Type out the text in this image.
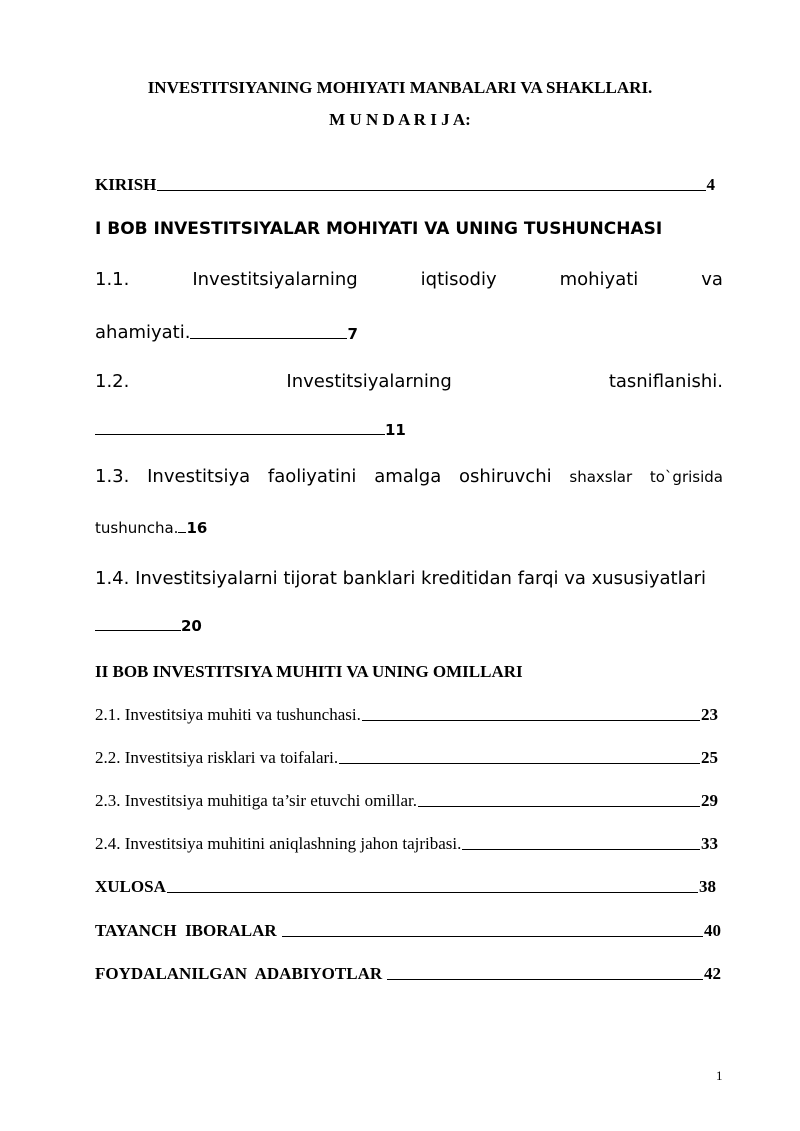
INVESTITSIYANING MOHIYATI MANBALARI VA SHAKLLARI.
M U N D A R I J A:
KIRISH	4
I BOB INVESTITSIYALAR MOHIYATI VA UNING TUSHUNCHASI
1.1.	Investitsiyalarning	iqtisodiy	mohiyati	va
ahamiyati.	7
1.2.	Investitsiyalarning	tasniflanishi.
11
1.3. Investitsiya faoliyatini amalga oshiruvchi shaxslar to`grisida
tushuncha. 16
1.4. Investitsiyalarni tijorat banklari kreditidan farqi va xususiyatlari
20
II BOB INVESTITSIYA MUHITI VA UNING OMILLARI
2.1. Investitsiya muhiti va tushunchasi.	23
2.2. Investitsiya risklari va toifalari.	25
2.3. Investitsiya muhitiga ta’sir etuvchi omillar.	29
2.4. Investitsiya muhitini aniqlashning jahon tajribasi.	33
XULOSA	38
TAYANCH  IBORALAR	40
FOYDALANILGAN  ADABIYOTLAR	42
1
